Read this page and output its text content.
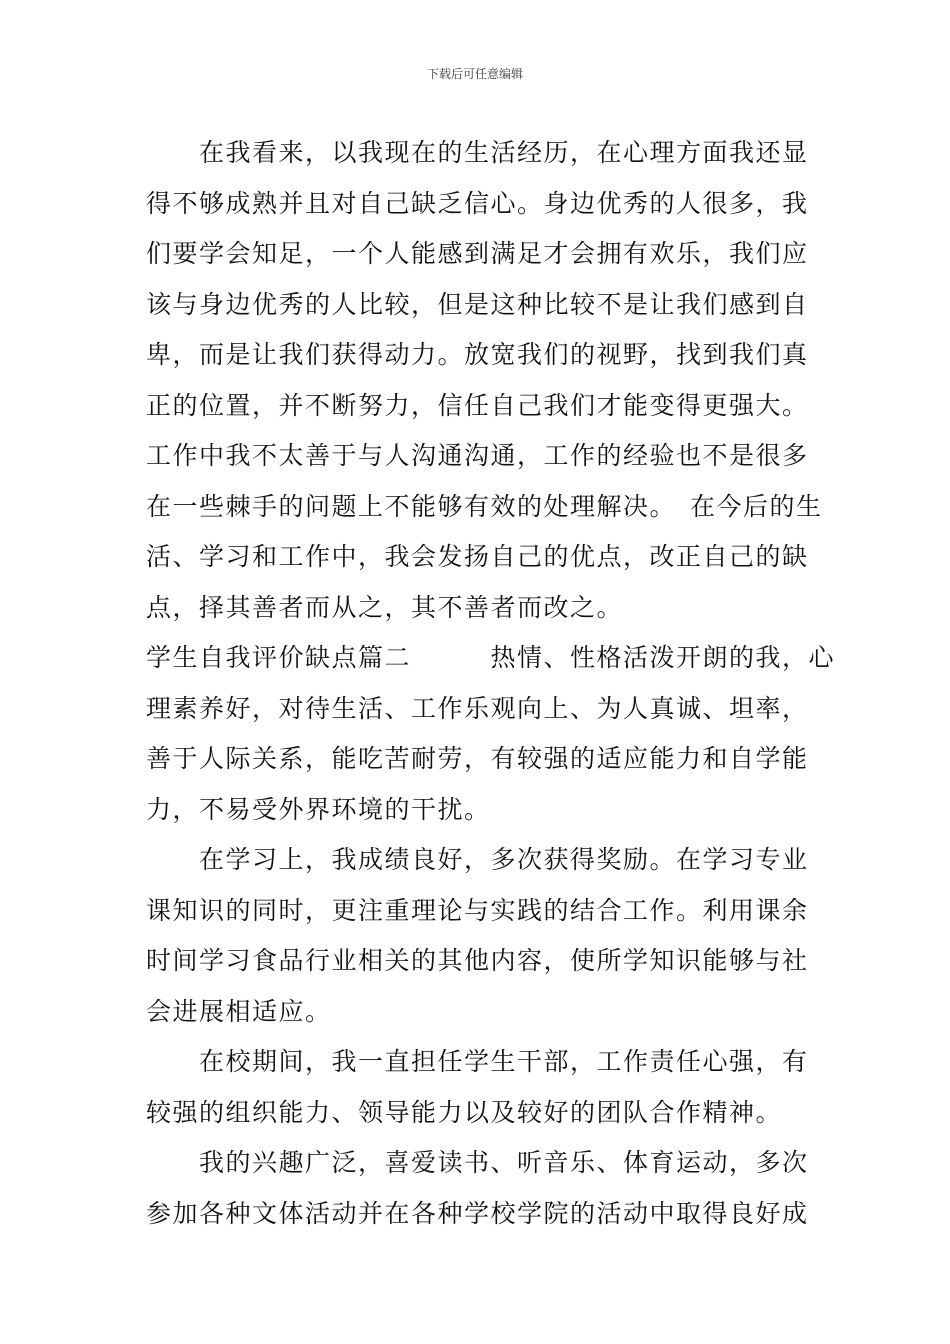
下载后可任意编辑
　　在我看来，以我现在的生活经历，在心理方面我还显
得不够成熟并且对自己缺乏信心。身边优秀的人很多，我
们要学会知足，一个人能感到满足才会拥有欢乐，我们应
该与身边优秀的人比较，但是这种比较不是让我们感到自
卑，而是让我们获得动力。放宽我们的视野，找到我们真
正的位置，并不断努力，信任自己我们才能变得更强大。
工作中我不太善于与人沟通沟通，工作的经验也不是很多
在一些棘手的问题上不能够有效的处理解决。　在今后的生
活、学习和工作中，我会发扬自己的优点，改正自己的缺
点，择其善者而从之，其不善者而改之。
学生自我评价缺点篇二　　　热情、性格活泼开朗的我，心
理素养好，对待生活、工作乐观向上、为人真诚、坦率，
善于人际关系，能吃苦耐劳，有较强的适应能力和自学能
力，不易受外界环境的干扰。
　　在学习上，我成绩良好，多次获得奖励。在学习专业
课知识的同时，更注重理论与实践的结合工作。利用课余
时间学习食品行业相关的其他内容，使所学知识能够与社
会进展相适应。
　　在校期间，我一直担任学生干部，工作责任心强，有
较强的组织能力、领导能力以及较好的团队合作精神。
　　我的兴趣广泛，喜爱读书、听音乐、体育运动，多次
参加各种文体活动并在各种学校学院的活动中取得良好成
